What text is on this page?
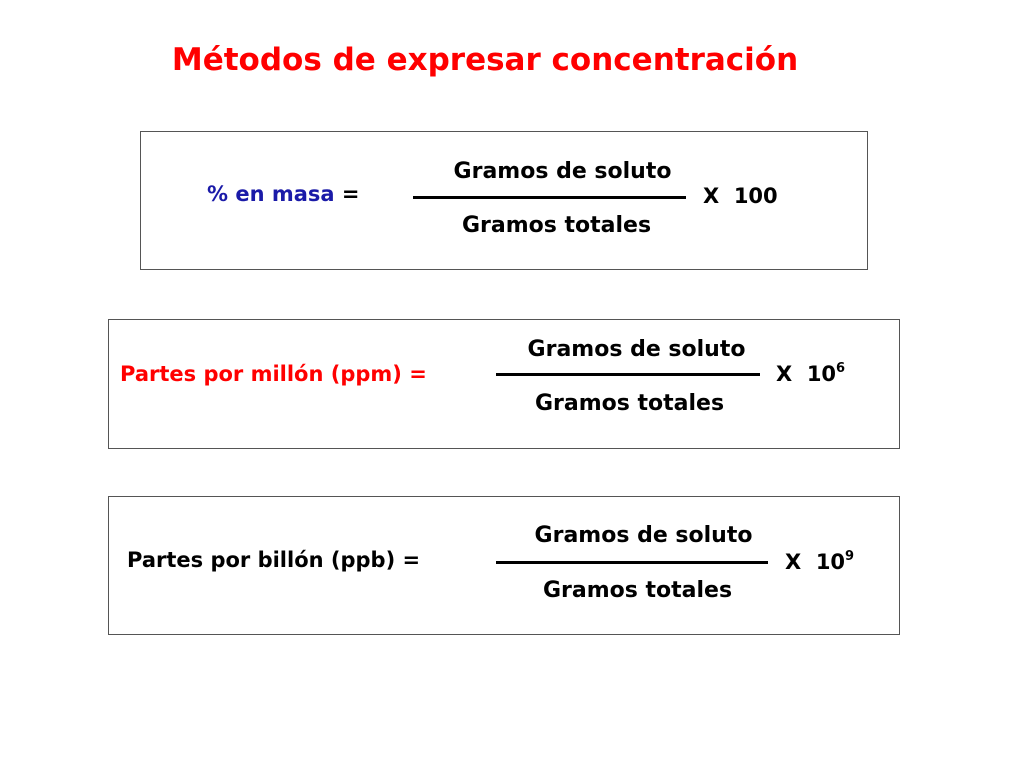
Métodos de expresar concentración
% en masa =
Gramos de soluto
Gramos totales
X  100
Partes por millón (ppm) =
Gramos de soluto
Gramos totales
X  $10^6$
Partes por billón (ppb) =
Gramos de soluto
Gramos totales
X  $10^9$
